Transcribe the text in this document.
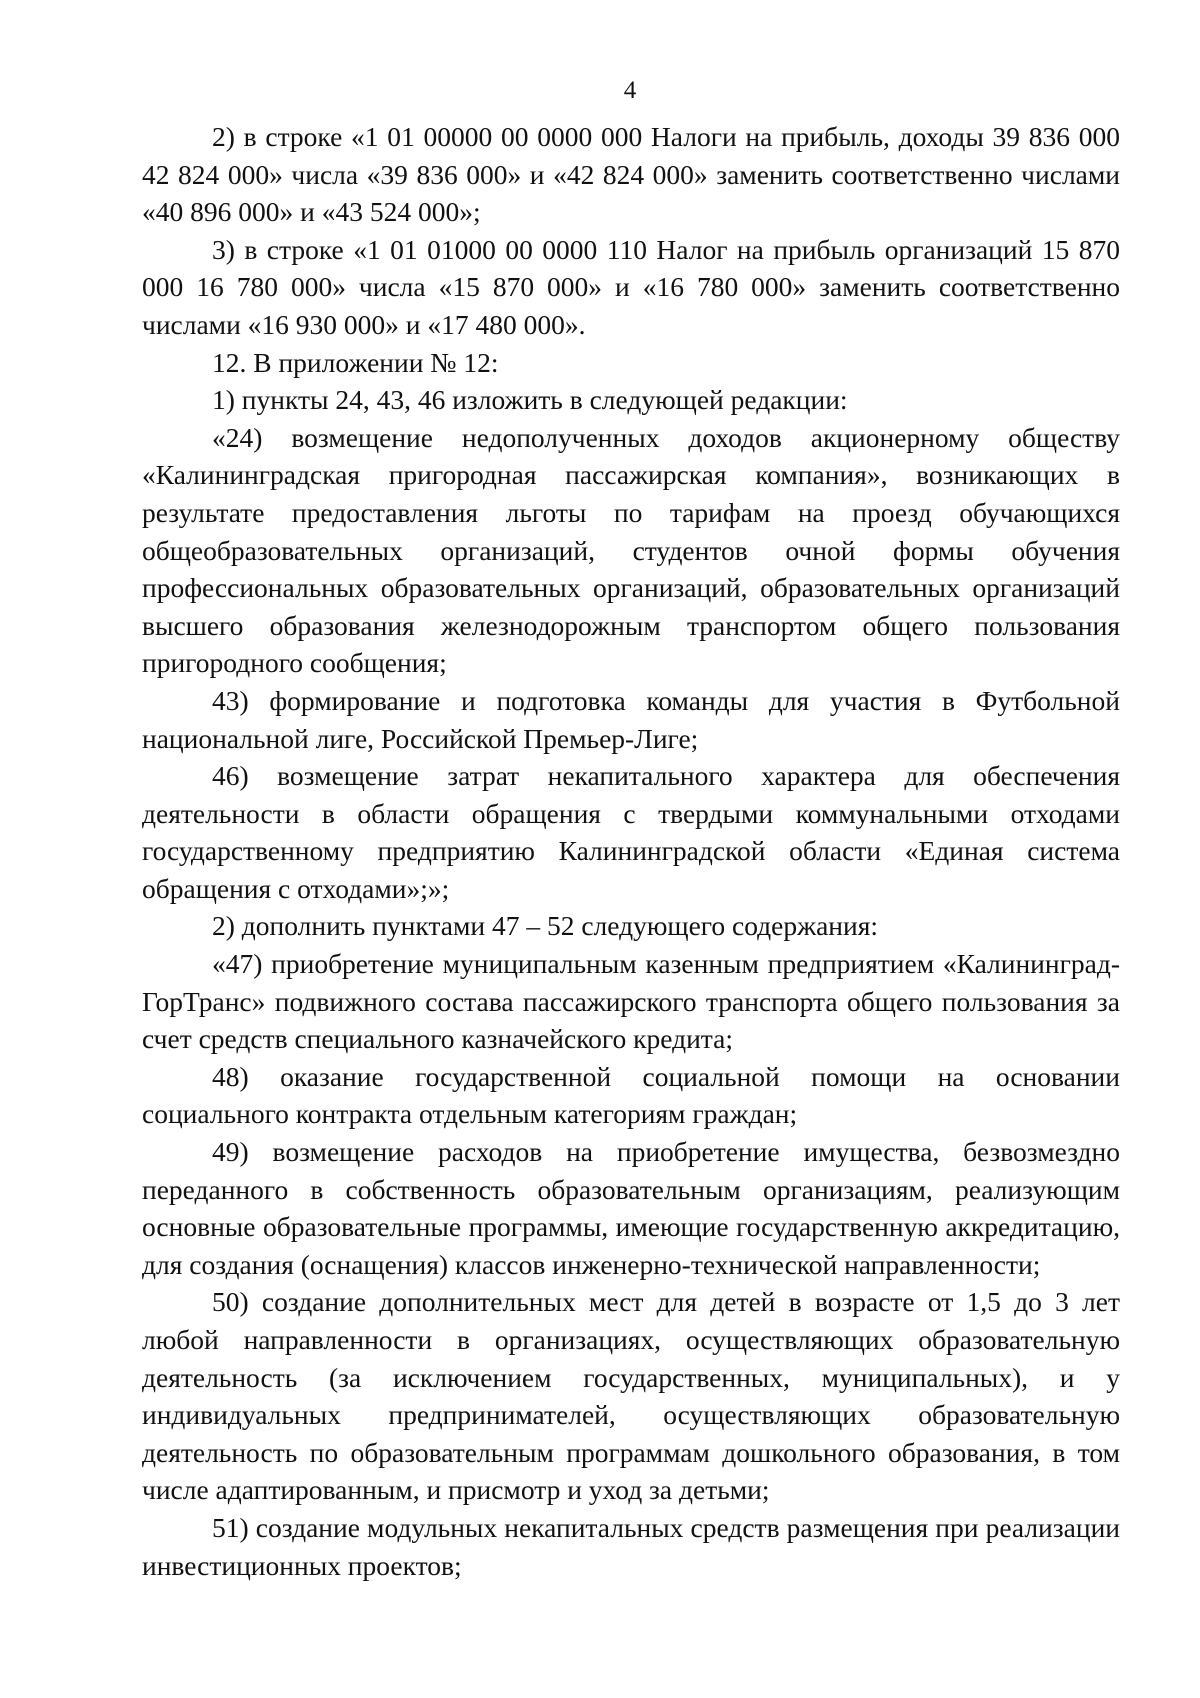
4

2) в строке «1 01 00000 00 0000 000 Налоги на прибыль, доходы 39 836 000 42 824 000» числа «39 836 000» и «42 824 000» заменить соответственно числами «40 896 000» и «43 524 000»;

3) в строке «1 01 01000 00 0000 110 Налог на прибыль организаций 15 870 000 16 780 000» числа «15 870 000» и «16 780 000» заменить соответственно числами «16 930 000» и «17 480 000».

12. В приложении № 12:

1) пункты 24, 43, 46 изложить в следующей редакции:

«24) возмещение недополученных доходов акционерному обществу «Калининградская пригородная пассажирская компания», возникающих в результате предоставления льготы по тарифам на проезд обучающихся общеобразовательных организаций, студентов очной формы обучения профессиональных образовательных организаций, образовательных организаций высшего образования железнодорожным транспортом общего пользования пригородного сообщения;

43) формирование и подготовка команды для участия в Футбольной национальной лиге, Российской Премьер-Лиге;

46) возмещение затрат некапитального характера для обеспечения деятельности в области обращения с твердыми коммунальными отходами государственному предприятию Калининградской области «Единая система обращения с отходами»;»;

2) дополнить пунктами 47 – 52 следующего содержания:

«47) приобретение муниципальным казенным предприятием «Калининград-ГорТранс» подвижного состава пассажирского транспорта общего пользования за счет средств специального казначейского кредита;

48) оказание государственной социальной помощи на основании социального контракта отдельным категориям граждан;

49) возмещение расходов на приобретение имущества, безвозмездно переданного в собственность образовательным организациям, реализующим основные образовательные программы, имеющие государственную аккредитацию, для создания (оснащения) классов инженерно-технической направленности;

50) создание дополнительных мест для детей в возрасте от 1,5 до 3 лет любой направленности в организациях, осуществляющих образовательную деятельность (за исключением государственных, муниципальных), и у индивидуальных предпринимателей, осуществляющих образовательную деятельность по образовательным программам дошкольного образования, в том числе адаптированным, и присмотр и уход за детьми;

51) создание модульных некапитальных средств размещения при реализации инвестиционных проектов;
